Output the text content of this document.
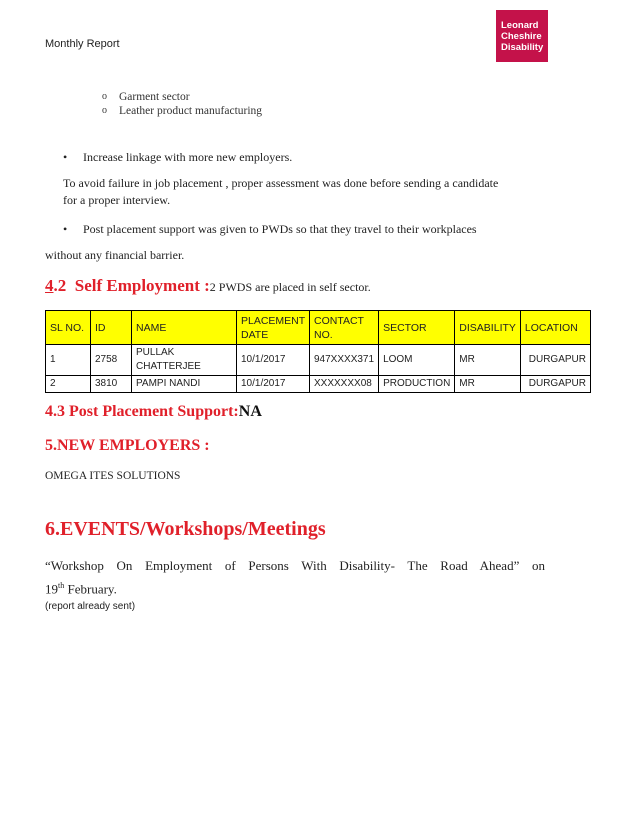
Monthly Report
Leonard
Cheshire
Disability
o Garment sector
o Leather product manufacturing
• Increase linkage with more new employers.
To avoid failure in job placement , proper assessment was done before sending a candidate
for a proper interview.
• Post placement support was given to PWDs so that they travel to their workplaces
without any financial barrier.
4.2 Self Employment :2 PWDS are placed in self sector.
SL NO.	ID	NAME	PLACEMENT DATE	CONTACT NO.	SECTOR	DISABILITY	LOCATION
1	2758	PULLAK CHATTERJEE	10/1/2017	947XXXX371	LOOM	MR	DURGAPUR
2	3810	PAMPI NANDI	10/1/2017	XXXXXXX08	PRODUCTION	MR	DURGAPUR
4.3 Post Placement Support:NA
5.NEW EMPLOYERS :
OMEGA ITES SOLUTIONS
6.EVENTS/Workshops/Meetings
“Workshop On Employment of Persons With Disability- The Road Ahead” on
19th February.
(report already sent)
